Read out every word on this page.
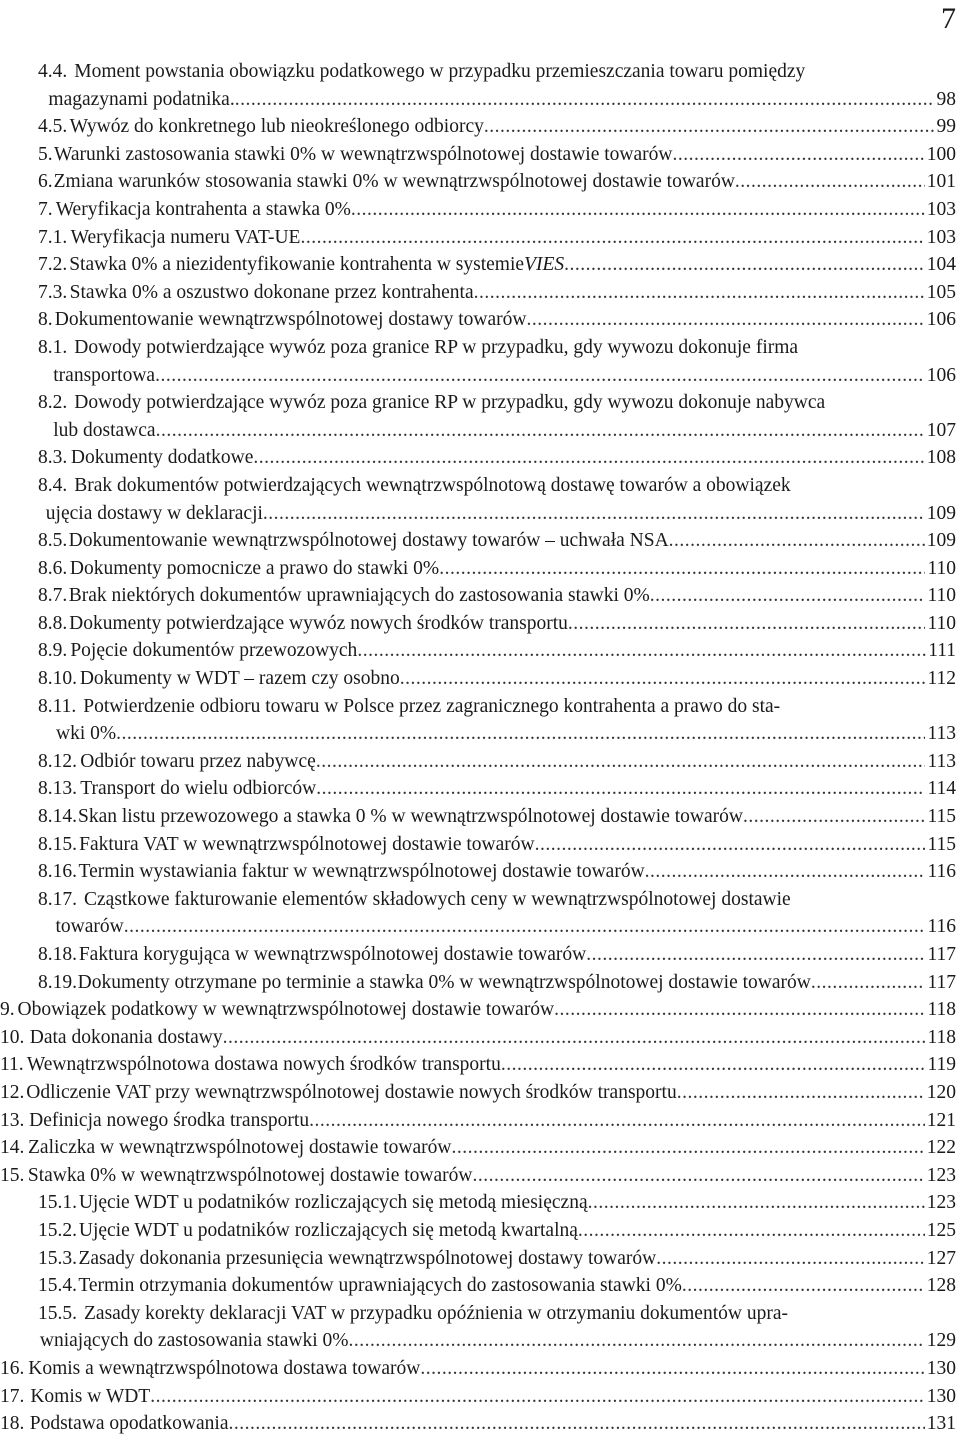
7
4.4. Moment powstania obowiązku podatkowego w przypadku przemieszczania towaru pomiędzy
magazynami podatnika. .....	98
4.5. Wywóz do konkretnego lub nieokreślonego odbiorcy .....	99
5. Warunki zastosowania stawki 0% w wewnątrzwspólnotowej dostawie towarów .....	100
6. Zmiana warunków stosowania stawki 0% w wewnątrzwspólnotowej dostawie towarów .....	101
7. Weryfikacja kontrahenta a stawka 0% .....	103
7.1. Weryfikacja numeru VAT-UE .....	103
7.2. Stawka 0% a niezidentyfikowanie kontrahenta w systemie VIES .....	104
7.3. Stawka 0% a oszustwo dokonane przez kontrahenta .....	105
8. Dokumentowanie wewnątrzwspólnotowej dostawy towarów .....	106
8.1. Dowody potwierdzające wywóz poza granice RP w przypadku, gdy wywozu dokonuje firma
transportowa .....	106
8.2. Dowody potwierdzające wywóz poza granice RP w przypadku, gdy wywozu dokonuje nabywca
lub dostawca .....	107
8.3. Dokumenty dodatkowe .....	108
8.4. Brak dokumentów potwierdzających wewnątrzwspólnotową dostawę towarów a obowiązek
ujęcia dostawy w deklaracji .....	109
8.5. Dokumentowanie wewnątrzwspólnotowej dostawy towarów – uchwała NSA .....	109
8.6. Dokumenty pomocnicze a prawo do stawki 0% .....	110
8.7. Brak niektórych dokumentów uprawniających do zastosowania stawki 0% .....	110
8.8. Dokumenty potwierdzające wywóz nowych środków transportu .....	110
8.9. Pojęcie dokumentów przewozowych .....	111
8.10. Dokumenty w WDT – razem czy osobno .....	112
8.11. Potwierdzenie odbioru towaru w Polsce przez zagranicznego kontrahenta a prawo do sta-
wki 0% .....	113
8.12. Odbiór towaru przez nabywcę .....	113
8.13. Transport do wielu odbiorców .....	114
8.14. Skan listu przewozowego a stawka 0 % w wewnątrzwspólnotowej dostawie towarów .....	115
8.15. Faktura VAT w wewnątrzwspólnotowej dostawie towarów .....	115
8.16. Termin wystawiania faktur w wewnątrzwspólnotowej dostawie towarów .....	116
8.17. Cząstkowe fakturowanie elementów składowych ceny w wewnątrzwspólnotowej dostawie
towarów .....	116
8.18. Faktura korygująca w wewnątrzwspólnotowej dostawie towarów .....	117
8.19. Dokumenty otrzymane po terminie a stawka 0% w wewnątrzwspólnotowej dostawie towarów .....	117
9. Obowiązek podatkowy w wewnątrzwspólnotowej dostawie towarów .....	118
10. Data dokonania dostawy .....	118
11. Wewnątrzwspólnotowa dostawa nowych środków transportu .....	119
12. Odliczenie VAT przy wewnątrzwspólnotowej dostawie nowych środków transportu .....	120
13. Definicja nowego środka transportu .....	121
14. Zaliczka w wewnątrzwspólnotowej dostawie towarów .....	122
15. Stawka 0% w wewnątrzwspólnotowej dostawie towarów .....	123
15.1. Ujęcie WDT u podatników rozliczających się metodą miesięczną .....	123
15.2. Ujęcie WDT u podatników rozliczających się metodą kwartalną .....	125
15.3. Zasady dokonania przesunięcia wewnątrzwspólnotowej dostawy towarów .....	127
15.4. Termin otrzymania dokumentów uprawniających do zastosowania stawki 0% .....	128
15.5. Zasady korekty deklaracji VAT w przypadku opóźnienia w otrzymaniu dokumentów upra-
wniających do zastosowania stawki 0% .....	129
16. Komis a wewnątrzwspólnotowa dostawa towarów .....	130
17. Komis w WDT .....	130
18. Podstawa opodatkowania .....	131
